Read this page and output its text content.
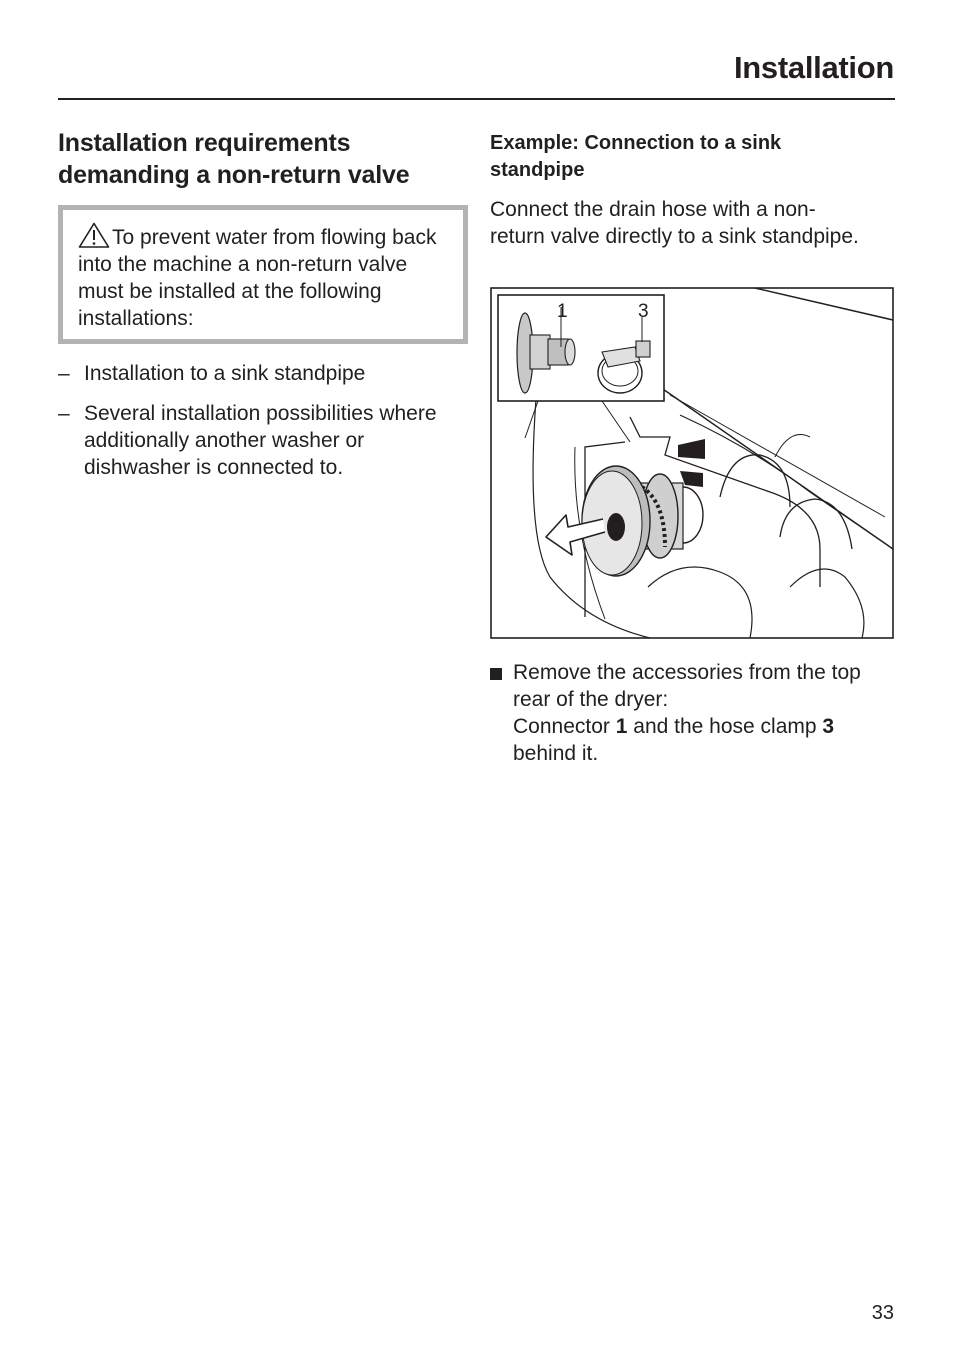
Installation
Installation requirements demanding a non-return valve
To prevent water from flowing back into the machine a non-return valve must be installed at the following installations:
– Installation to a sink standpipe
– Several installation possibilities where additionally another washer or dishwasher is connected to.
Example: Connection to a sink standpipe

Connect the drain hose with a non-return valve directly to a sink standpipe.

1	3
Remove the accessories from the top rear of the dryer:
Connector 1 and the hose clamp 3
behind it.
33
